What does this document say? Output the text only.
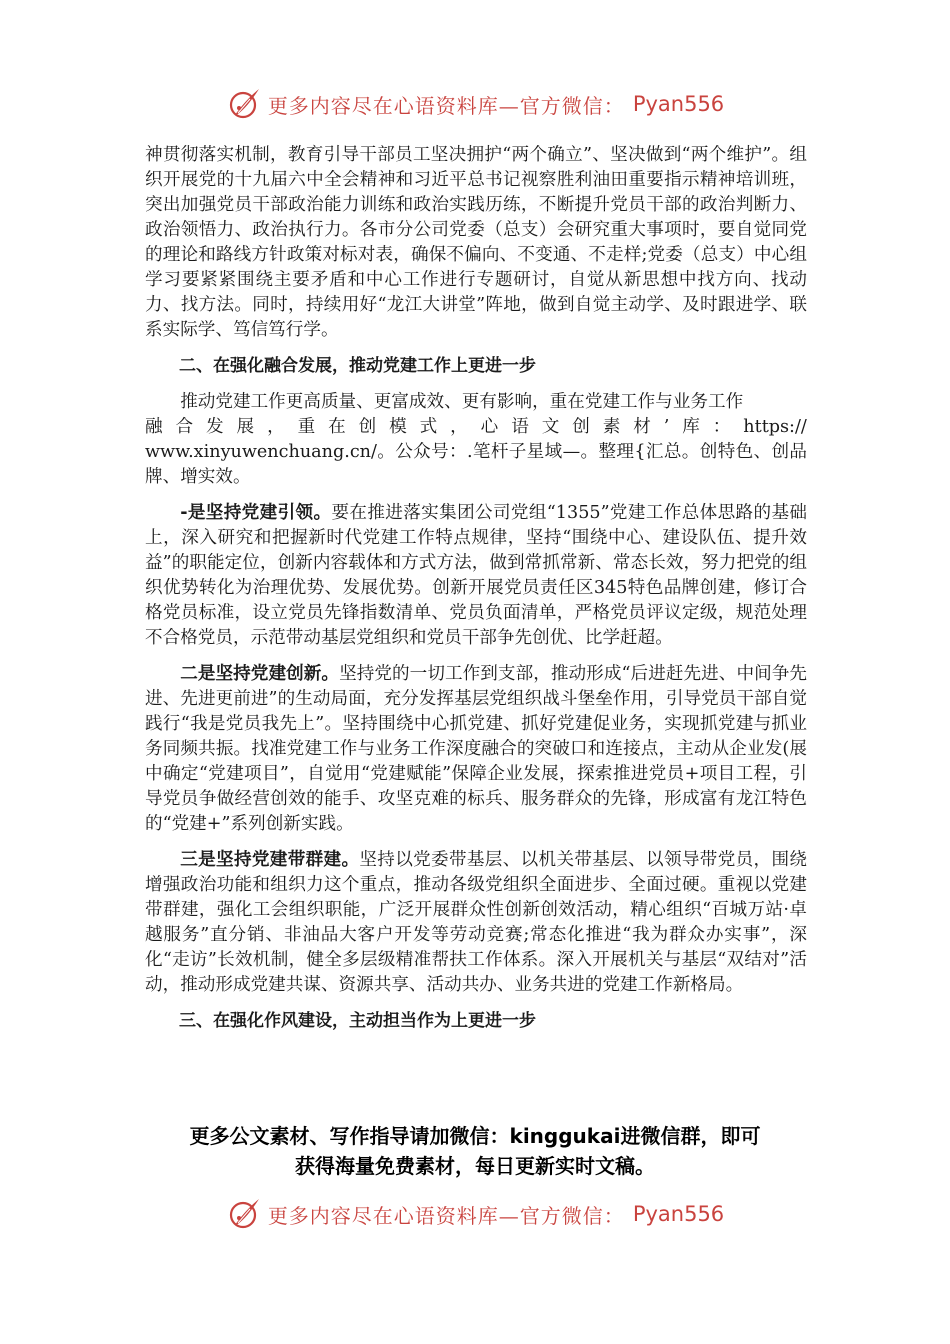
更多内容尽在心语资料库—官方微信： Pyan556

神贯彻落实机制，教育引导干部员工坚决拥护“两个确立”、坚决做到“两个维护”。组织开展党的十九届六中全会精神和习近平总书记视察胜利油田重要指示精神培训班，突出加强党员干部政治能力训练和政治实践历练，不断提升党员干部的政治判断力、政治领悟力、政治执行力。各市分公司党委（总支）会研究重大事项时，要自觉同党的理论和路线方针政策对标对表，确保不偏向、不变通、不走样;党委（总支）中心组学习要紧紧围绕主要矛盾和中心工作进行专题研讨，自觉从新思想中找方向、找动力、找方法。同时，持续用好“龙江大讲堂”阵地，做到自觉主动学、及时跟进学、联系实际学、笃信笃行学。

二、在强化融合发展，推动党建工作上更进一步

推动党建工作更高质量、更富成效、更有影响，重在党建工作与业务工作

融 合 发 展 ， 重 在 创 模 式 ， 心 语 文 创 素 材 ’ 库 ： https://

www.xinyuwenchuang.cn/。公众号：.笔杆子星域—。整理{汇总。创特色、创品牌、增实效。

-是坚持党建引领。要在推进落实集团公司党组“1355”党建工作总体思路的基础上，深入研究和把握新时代党建工作特点规律，坚持“围绕中心、建设队伍、提升效益”的职能定位，创新内容载体和方式方法，做到常抓常新、常态长效，努力把党的组织优势转化为治理优势、发展优势。创新开展党员责任区345特色品牌创建，修订合格党员标准，设立党员先锋指数清单、党员负面清单，严格党员评议定级，规范处理不合格党员，示范带动基层党组织和党员干部争先创优、比学赶超。

二是坚持党建创新。坚持党的一切工作到支部，推动形成“后进赶先进、中间争先进、先进更前进”的生动局面，充分发挥基层党组织战斗堡垒作用，引导党员干部自觉践行“我是党员我先上”。坚持围绕中心抓党建、抓好党建促业务，实现抓党建与抓业务同频共振。找准党建工作与业务工作深度融合的突破口和连接点，主动从企业发(展中确定“党建项目”，自觉用“党建赋能”保障企业发展，探索推进党员+项目工程，引导党员争做经营创效的能手、攻坚克难的标兵、服务群众的先锋，形成富有龙江特色的“党建+”系列创新实践。

三是坚持党建带群建。坚持以党委带基层、以机关带基层、以领导带党员，围绕增强政治功能和组织力这个重点，推动各级党组织全面进步、全面过硬。重视以党建带群建，强化工会组织职能，广泛开展群众性创新创效活动，精心组织“百城万站·卓越服务”直分销、非油品大客户开发等劳动竞赛;常态化推进“我为群众办实事”，深化“走访”长效机制，健全多层级精准帮扶工作体系。深入开展机关与基层“双结对”活动，推动形成党建共谋、资源共享、活动共办、业务共进的党建工作新格局。

三、在强化作风建设，主动担当作为上更进一步

更多公文素材、写作指导请加微信：kinggukai进微信群，即可
获得海量免费素材，每日更新实时文稿。
更多内容尽在心语资料库—官方微信： Pyan556
